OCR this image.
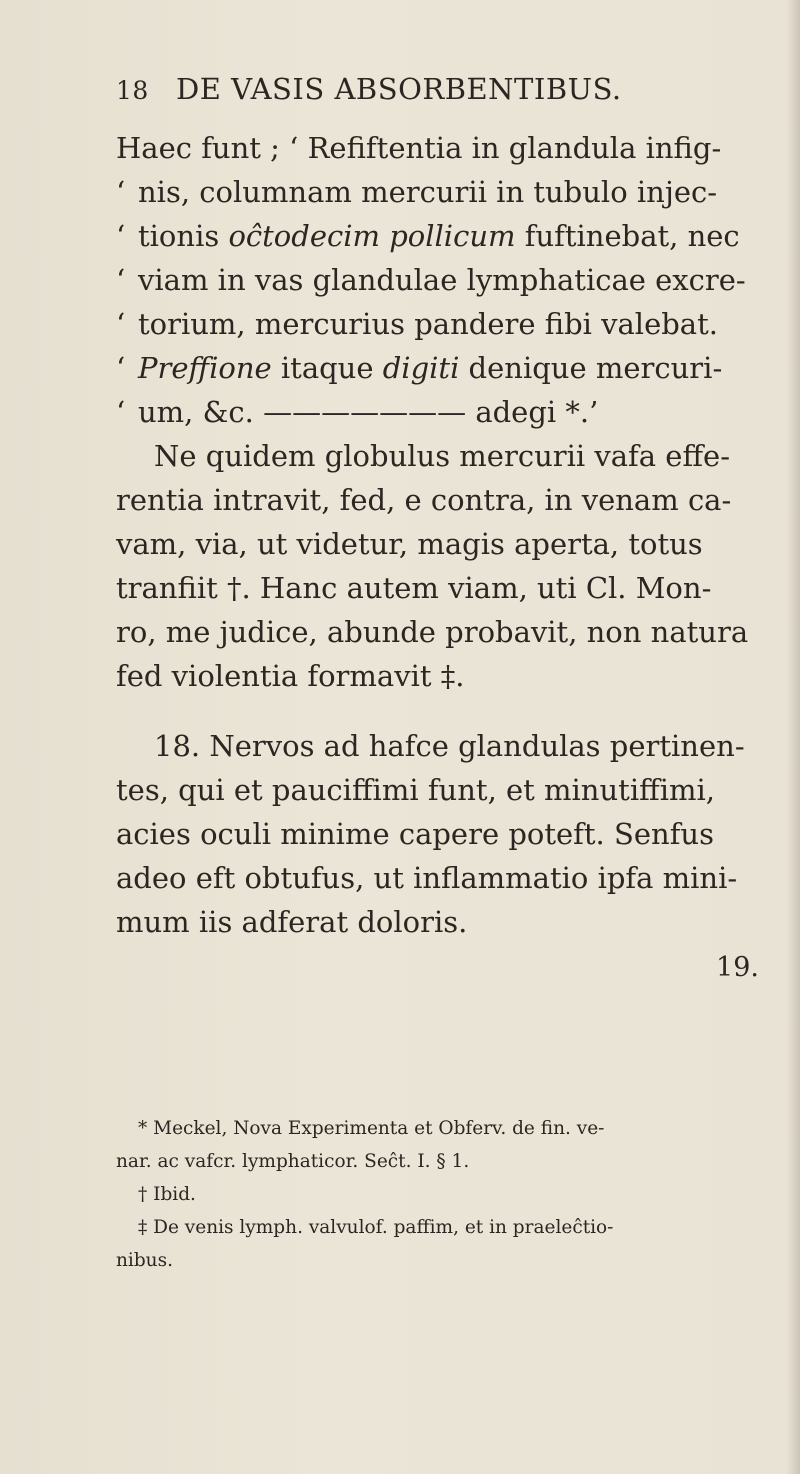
18 DE VASIS ABSORBENTIBUS.
Haec funt ; ‘ Refiftentia in glandula infig-
‘ nis, columnam mercurii in tubulo injec-
‘ tionis oĉtodecim pollicum fuftinebat, nec
‘ viam in vas glandulae lymphaticae excre-
‘ torium, mercurius pandere fibi valebat.
‘ Preffione itaque digiti denique mercuri-
‘ um, &c. ——————— adegi *.’
Ne quidem globulus mercurii vafa effe-
rentia intravit, fed, e contra, in venam ca-
vam, via, ut videtur, magis aperta, totus
tranfiit †. Hanc autem viam, uti Cl. Mon-
ro, me judice, abunde probavit, non natura
fed violentia formavit ‡.
18. Nervos ad hafce glandulas pertinen-
tes, qui et pauciffimi funt, et minutiffimi,
acies oculi minime capere poteft. Senfus
adeo eft obtufus, ut inflammatio ipfa mini-
mum iis adferat doloris.
19.
* Meckel, Nova Experimenta et Obferv. de fin. ve-
nar. ac vafcr. lymphaticor. Seĉt. I. § 1.
† Ibid.
‡ De venis lymph. valvulof. paffim, et in praeleĉtio-
nibus.
